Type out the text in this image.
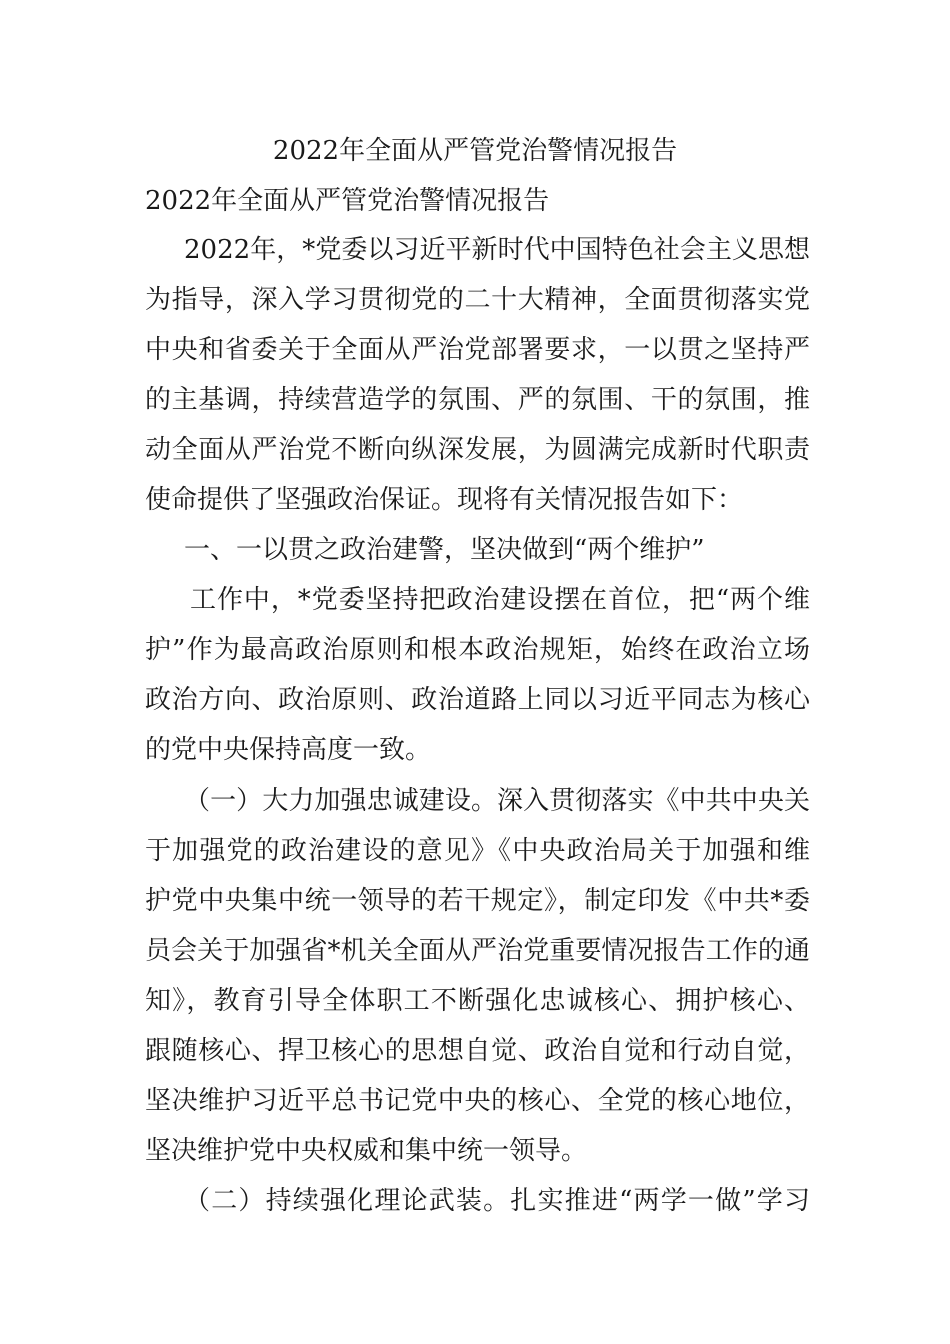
2022年全面从严管党治警情况报告
2022年全面从严管党治警情况报告
2022年，*党委以习近平新时代中国特色社会主义思想
为指导，深入学习贯彻党的二十大精神，全面贯彻落实党
中央和省委关于全面从严治党部署要求，一以贯之坚持严
的主基调，持续营造学的氛围、严的氛围、干的氛围，推
动全面从严治党不断向纵深发展，为圆满完成新时代职责
使命提供了坚强政治保证。现将有关情况报告如下：
一、一以贯之政治建警，坚决做到“两个维护”
工作中，*党委坚持把政治建设摆在首位，把“两个维
护”作为最高政治原则和根本政治规矩，始终在政治立场
政治方向、政治原则、政治道路上同以习近平同志为核心
的党中央保持高度一致。
（一）大力加强忠诚建设。深入贯彻落实《中共中央关
于加强党的政治建设的意见》《中央政治局关于加强和维
护党中央集中统一领导的若干规定》，制定印发《中共*委
员会关于加强省*机关全面从严治党重要情况报告工作的通
知》，教育引导全体职工不断强化忠诚核心、拥护核心、
跟随核心、捍卫核心的思想自觉、政治自觉和行动自觉，
坚决维护习近平总书记党中央的核心、全党的核心地位，
坚决维护党中央权威和集中统一领导。
（二）持续强化理论武装。扎实推进“两学一做”学习
